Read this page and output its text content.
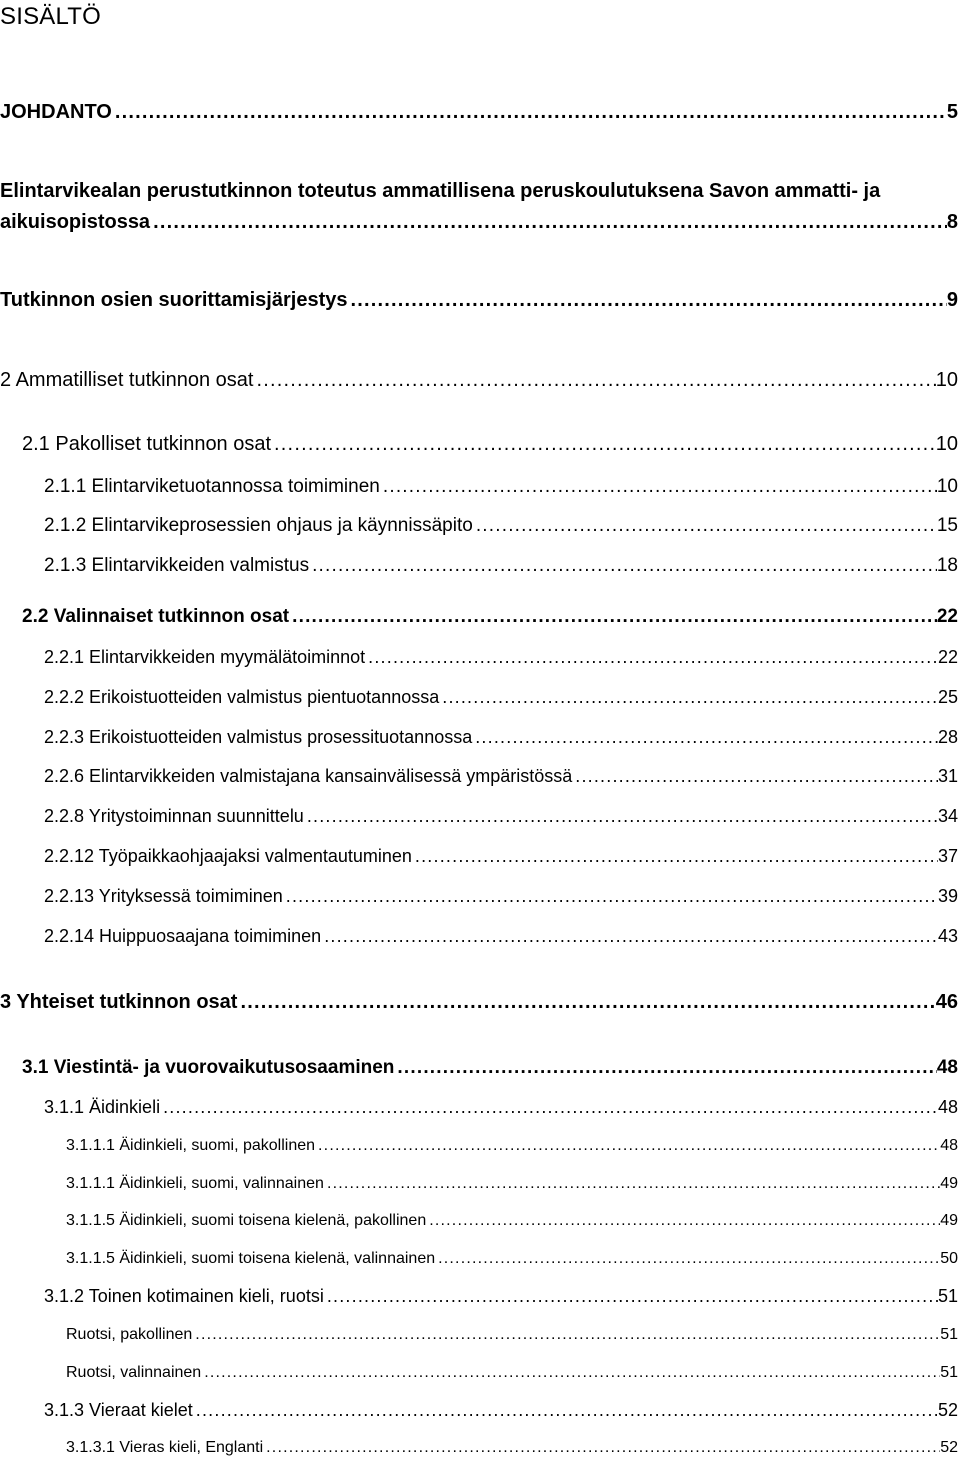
SISÄLTÖ
JOHDANTO .....	5
Elintarvikealan perustutkinnon toteutus ammatillisena peruskoulutuksena Savon ammatti- ja
aikuisopistossa .....	8
Tutkinnon osien suorittamisjärjestys .....	9
2 Ammatilliset tutkinnon osat .....	10
2.1 Pakolliset tutkinnon osat .....	10
2.1.1 Elintarviketuotannossa toimiminen .....	10
2.1.2 Elintarvikeprosessien ohjaus ja käynnissäpito .....	15
2.1.3 Elintarvikkeiden valmistus .....	18
2.2 Valinnaiset tutkinnon osat .....	22
2.2.1 Elintarvikkeiden myymälätoiminnot .....	22
2.2.2 Erikoistuotteiden valmistus pientuotannossa .....	25
2.2.3 Erikoistuotteiden valmistus prosessituotannossa .....	28
2.2.6 Elintarvikkeiden valmistajana kansainvälisessä ympäristössä .....	31
2.2.8 Yritystoiminnan suunnittelu .....	34
2.2.12 Työpaikkaohjaajaksi valmentautuminen .....	37
2.2.13 Yrityksessä toimiminen .....	39
2.2.14 Huippuosaajana toimiminen .....	43
3 Yhteiset tutkinnon osat .....	46
3.1 Viestintä- ja vuorovaikutusosaaminen .....	48
3.1.1 Äidinkieli .....	48
3.1.1.1 Äidinkieli, suomi, pakollinen .....	48
3.1.1.1 Äidinkieli, suomi, valinnainen .....	49
3.1.1.5 Äidinkieli, suomi toisena kielenä, pakollinen .....	49
3.1.1.5 Äidinkieli, suomi toisena kielenä, valinnainen .....	50
3.1.2 Toinen kotimainen kieli, ruotsi .....	51
Ruotsi, pakollinen .....	51
Ruotsi, valinnainen .....	51
3.1.3 Vieraat kielet .....	52
3.1.3.1 Vieras kieli, Englanti .....	52
